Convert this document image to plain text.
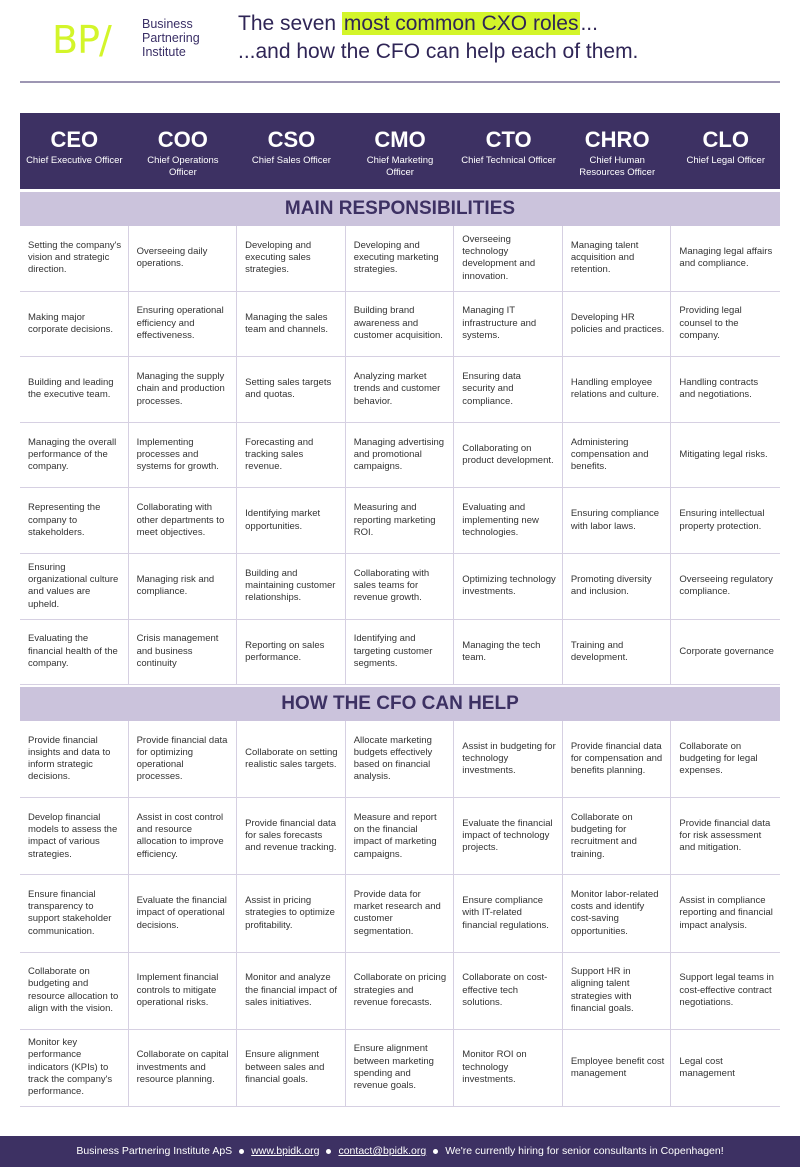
BP/ Business
Partnering
Institute
The seven most common CXO roles...
...and how the CFO can help each of them.
CEO
Chief Executive Officer
COO
Chief Operations Officer
CSO
Chief Sales Officer
CMO
Chief Marketing Officer
CTO
Chief Technical Officer
CHRO
Chief Human Resources Officer
CLO
Chief Legal Officer
MAIN RESPONSIBILITIES
Setting the company's vision and strategic direction.
Overseeing daily operations.
Developing and executing sales strategies.
Developing and executing marketing strategies.
Overseeing technology development and innovation.
Managing talent acquisition and retention.
Managing legal affairs and compliance.
Making major corporate decisions.
Ensuring operational efficiency and effectiveness.
Managing the sales team and channels.
Building brand awareness and customer acquisition.
Managing IT infrastructure and systems.
Developing HR policies and practices.
Providing legal counsel to the company.
Building and leading the executive team.
Managing the supply chain and production processes.
Setting sales targets and quotas.
Analyzing market trends and customer behavior.
Ensuring data security and compliance.
Handling employee relations and culture.
Handling contracts and negotiations.
Managing the overall performance of the company.
Implementing processes and systems for growth.
Forecasting and tracking sales revenue.
Managing advertising and promotional campaigns.
Collaborating on product development.
Administering compensation and benefits.
Mitigating legal risks.
Representing the company to stakeholders.
Collaborating with other departments to meet objectives.
Identifying market opportunities.
Measuring and reporting marketing ROI.
Evaluating and implementing new technologies.
Ensuring compliance with labor laws.
Ensuring intellectual property protection.
Ensuring organizational culture and values are upheld.
Managing risk and compliance.
Building and maintaining customer relationships.
Collaborating with sales teams for revenue growth.
Optimizing technology investments.
Promoting diversity and inclusion.
Overseeing regulatory compliance.
Evaluating the financial health of the company.
Crisis management and business continuity
Reporting on sales performance.
Identifying and targeting customer segments.
Managing the tech team.
Training and development.
Corporate governance
HOW THE CFO CAN HELP
Provide financial insights and data to inform strategic decisions.
Provide financial data for optimizing operational processes.
Collaborate on setting realistic sales targets.
Allocate marketing budgets effectively based on financial analysis.
Assist in budgeting for technology investments.
Provide financial data for compensation and benefits planning.
Collaborate on budgeting for legal expenses.
Develop financial models to assess the impact of various strategies.
Assist in cost control and resource allocation to improve efficiency.
Provide financial data for sales forecasts and revenue tracking.
Measure and report on the financial impact of marketing campaigns.
Evaluate the financial impact of technology projects.
Collaborate on budgeting for recruitment and training.
Provide financial data for risk assessment and mitigation.
Ensure financial transparency to support stakeholder communication.
Evaluate the financial impact of operational decisions.
Assist in pricing strategies to optimize profitability.
Provide data for market research and customer segmentation.
Ensure compliance with IT-related financial regulations.
Monitor labor-related costs and identify cost-saving opportunities.
Assist in compliance reporting and financial impact analysis.
Collaborate on budgeting and resource allocation to align with the vision.
Implement financial controls to mitigate operational risks.
Monitor and analyze the financial impact of sales initiatives.
Collaborate on pricing strategies and revenue forecasts.
Collaborate on cost-effective tech solutions.
Support HR in aligning talent strategies with financial goals.
Support legal teams in cost-effective contract negotiations.
Monitor key performance indicators (KPIs) to track the company's performance.
Collaborate on capital investments and resource planning.
Ensure alignment between sales and financial goals.
Ensure alignment between marketing spending and revenue goals.
Monitor ROI on technology investments.
Employee benefit cost management
Legal cost management
Business Partnering Institute ApS www.bpidk.org contact@bpidk.org We're currently hiring for senior consultants in Copenhagen!
